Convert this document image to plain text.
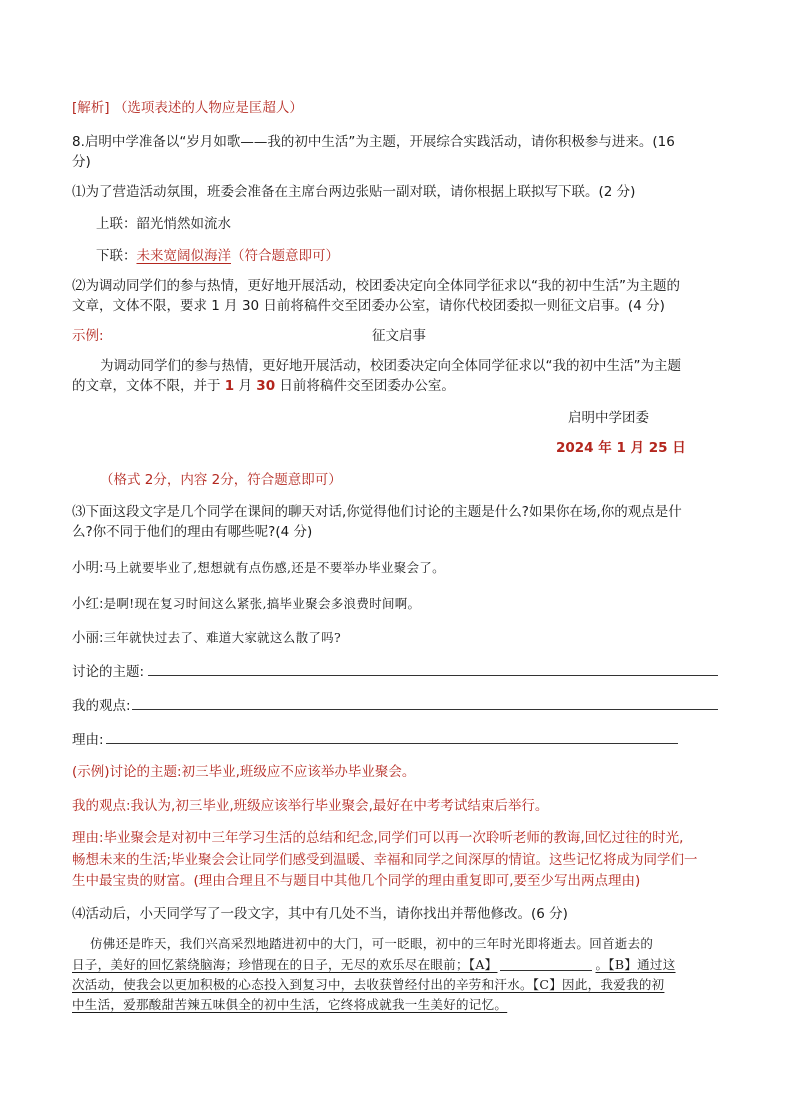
[解析] （选项表述的人物应是匡超人）
8.启明中学准备以“岁月如歌——我的初中生活”为主题，开展综合实践活动，请你积极参与进来。(16
分)
⑴为了营造活动氛围，班委会准备在主席台两边张贴一副对联，请你根据上联拟写下联。(2 分)
上联：韶光悄然如流水
下联：未来宽阔似海洋（符合题意即可）
⑵为调动同学们的参与热情，更好地开展活动，校团委决定向全体同学征求以“我的初中生活”为主题的
文章，文体不限，要求 1 月 30 日前将稿件交至团委办公室，请你代校团委拟一则征文启事。(4 分)
示例:	征文启事
为调动同学们的参与热情，更好地开展活动，校团委决定向全体同学征求以“我的初中生活”为主题
的文章，文体不限，并于 1 月 30 日前将稿件交至团委办公室。
启明中学团委
2024 年 1 月 25 日
（格式 2分，内容 2分，符合题意即可）
⑶下面这段文字是几个同学在课间的聊天对话,你觉得他们讨论的主题是什么?如果你在场,你的观点是什
么?你不同于他们的理由有哪些呢?(4 分)
小明:马上就要毕业了,想想就有点伤感,还是不要举办毕业聚会了。
小红:是啊!现在复习时间这么紧张,搞毕业聚会多浪费时间啊。
小丽:三年就快过去了、难道大家就这么散了吗?
讨论的主题:
我的观点:
理由:
(示例)讨论的主题:初三毕业,班级应不应该举办毕业聚会。
我的观点:我认为,初三毕业,班级应该举行毕业聚会,最好在中考考试结束后举行。
理由:毕业聚会是对初中三年学习生活的总结和纪念,同学们可以再一次聆听老师的教诲,回忆过往的时光,
畅想未来的生活;毕业聚会会让同学们感受到温暖、幸福和同学之间深厚的情谊。这些记忆将成为同学们一
生中最宝贵的财富。(理由合理且不与题目中其他几个同学的理由重复即可,要至少写出两点理由)
⑷活动后，小天同学写了一段文字，其中有几处不当，请你找出并帮他修改。(6 分)
仿佛还是昨天，我们兴高采烈地踏进初中的大门，可一眨眼，初中的三年时光即将逝去。回首逝去的
日子，美好的回忆萦绕脑海；珍惜现在的日子，无尽的欢乐尽在眼前；【A】	。【B】通过这
次活动，使我会以更加积极的心态投入到复习中，去收获曾经付出的辛劳和汗水。【C】因此，我爱我的初
中生活，爱那酸甜苦辣五味俱全的初中生活，它终将成就我一生美好的记忆。
